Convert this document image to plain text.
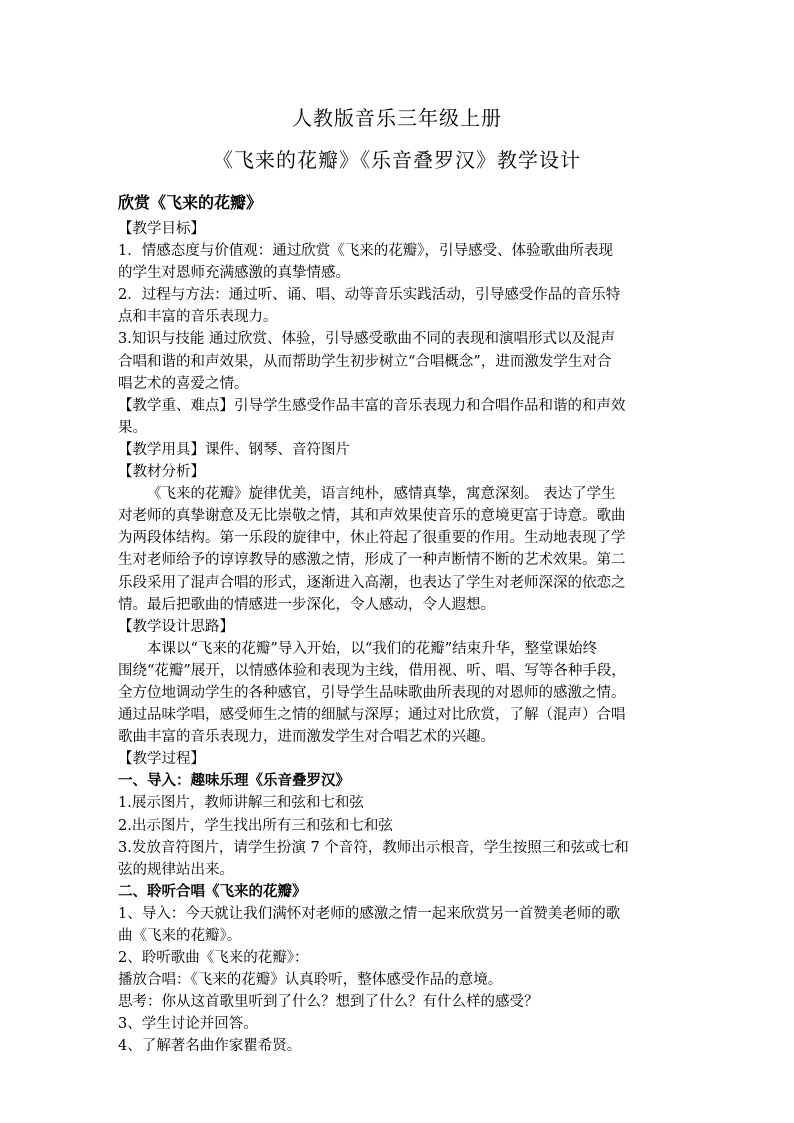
人教版音乐三年级上册
《飞来的花瓣》《乐音叠罗汉》教学设计
欣赏《飞来的花瓣》
【教学目标】
1．情感态度与价值观：通过欣赏《飞来的花瓣》，引导感受、体验歌曲所表现
的学生对恩师充满感激的真挚情感。
2．过程与方法：通过听、诵、唱、动等音乐实践活动，引导感受作品的音乐特
点和丰富的音乐表现力。
3.知识与技能 通过欣赏、体验，引导感受歌曲不同的表现和演唱形式以及混声
合唱和谐的和声效果，从而帮助学生初步树立“合唱概念”，进而激发学生对合
唱艺术的喜爱之情。
【教学重、难点】引导学生感受作品丰富的音乐表现力和合唱作品和谐的和声效
果。
【教学用具】课件、钢琴、音符图片
【教材分析】
《飞来的花瓣》旋律优美，语言纯朴，感情真挚，寓意深刻。 表达了学生
对老师的真挚谢意及无比崇敬之情，其和声效果使音乐的意境更富于诗意。歌曲
为两段体结构。第一乐段的旋律中，休止符起了很重要的作用。生动地表现了学
生对老师给予的谆谆教导的感激之情，形成了一种声断情不断的艺术效果。第二
乐段采用了混声合唱的形式，逐渐进入高潮，也表达了学生对老师深深的依恋之
情。最后把歌曲的情感进一步深化，令人感动，令人遐想。
【教学设计思路】
本课以“飞来的花瓣”导入开始，以“我们的花瓣”结束升华，整堂课始终
围绕“花瓣”展开，以情感体验和表现为主线，借用视、听、唱、写等各种手段，
全方位地调动学生的各种感官，引导学生品味歌曲所表现的对恩师的感激之情。
通过品味学唱，感受师生之情的细腻与深厚；通过对比欣赏，了解（混声）合唱
歌曲丰富的音乐表现力，进而激发学生对合唱艺术的兴趣。
【教学过程】
一、导入：趣味乐理《乐音叠罗汉》
1.展示图片，教师讲解三和弦和七和弦
2.出示图片，学生找出所有三和弦和七和弦
3.发放音符图片，请学生扮演 7 个音符，教师出示根音，学生按照三和弦或七和
弦的规律站出来。
二、聆听合唱《飞来的花瓣》
1、导入：今天就让我们满怀对老师的感激之情一起来欣赏另一首赞美老师的歌
曲《飞来的花瓣》。
2、聆听歌曲《飞来的花瓣》：
播放合唱：《飞来的花瓣》认真聆听，整体感受作品的意境。
思考：你从这首歌里听到了什么？想到了什么？有什么样的感受？
3、学生讨论并回答。
4、了解著名曲作家瞿希贤。
